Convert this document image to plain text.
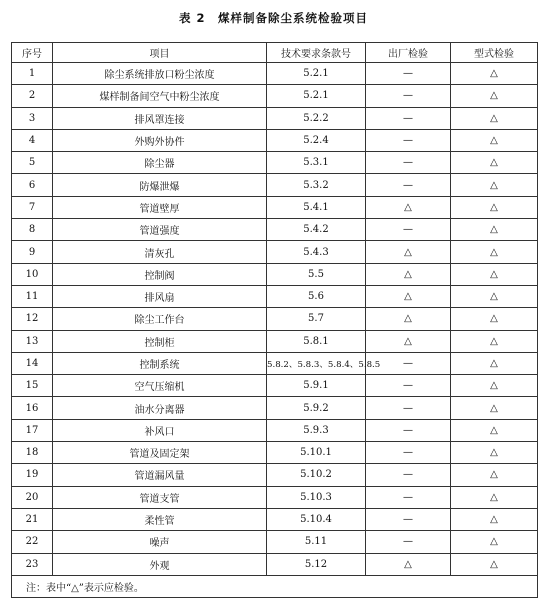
表 2　煤样制备除尘系统检验项目
序号	项目	技术要求条款号	出厂检验	型式检验
1	除尘系统排放口粉尘浓度	5.2.1	—	△
2	煤样制备间空气中粉尘浓度	5.2.1	—	△
3	排风罩连接	5.2.2	—	△
4	外购外协件	5.2.4	—	△
5	除尘器	5.3.1	—	△
6	防爆泄爆	5.3.2	—	△
7	管道壁厚	5.4.1	△	△
8	管道强度	5.4.2	—	△
9	清灰孔	5.4.3	△	△
10	控制阀	5.5	△	△
11	排风扇	5.6	△	△
12	除尘工作台	5.7	△	△
13	控制柜	5.8.1	△	△
14	控制系统	5.8.2、5.8.3、5.8.4、5.8.5	—	△
15	空气压缩机	5.9.1	—	△
16	油水分离器	5.9.2	—	△
17	补风口	5.9.3	—	△
18	管道及固定架	5.10.1	—	△
19	管道漏风量	5.10.2	—	△
20	管道支管	5.10.3	—	△
21	柔性管	5.10.4	—	△
22	噪声	5.11	—	△
23	外观	5.12	△	△
注：表中“△”表示应检验。				
